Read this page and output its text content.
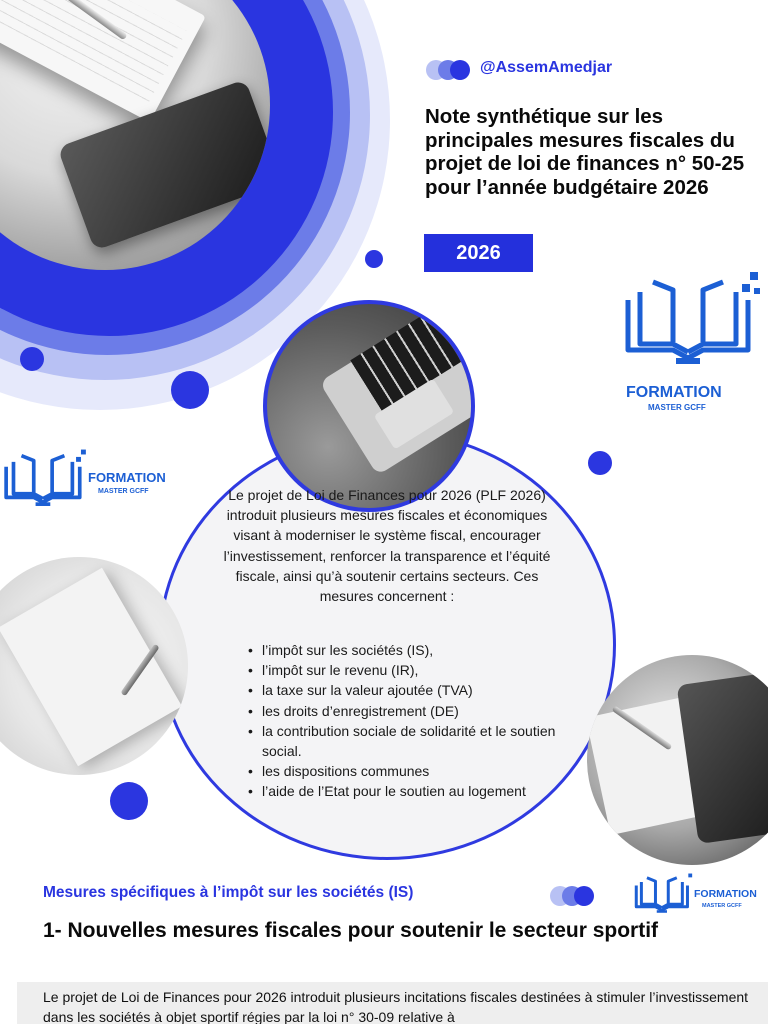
@AssemAmedjar
Note synthétique sur les principales mesures fiscales du projet de loi de finances n° 50-25 pour l’année budgétaire 2026
2026
FORMATION
MASTER GCFF
FORMATION
MASTER GCFF	Le projet de Loi de Finances pour 2026 (PLF 2026) introduit plusieurs mesures fiscales et économiques visant à moderniser le système fiscal, encourager l’investissement, renforcer la transparence et l’équité fiscale, ainsi qu’à soutenir certains secteurs. Ces mesures concernent :

• l’impôt sur les sociétés (IS),
• l’impôt sur le revenu (IR),
• la taxe sur la valeur ajoutée (TVA)
• les droits d’enregistrement (DE)
• la contribution sociale de solidarité et le soutien social.
• les dispositions communes
• l’aide de l’Etat pour le soutien au logement
Mesures spécifiques à l’impôt sur les sociétés (IS)	FORMATION
MASTER GCFF
1- Nouvelles mesures fiscales pour soutenir le secteur sportif

Le projet de Loi de Finances pour 2026 introduit plusieurs incitations fiscales destinées à stimuler l’investissement dans les sociétés à objet sportif régies par la loi n° 30-09 relative à
